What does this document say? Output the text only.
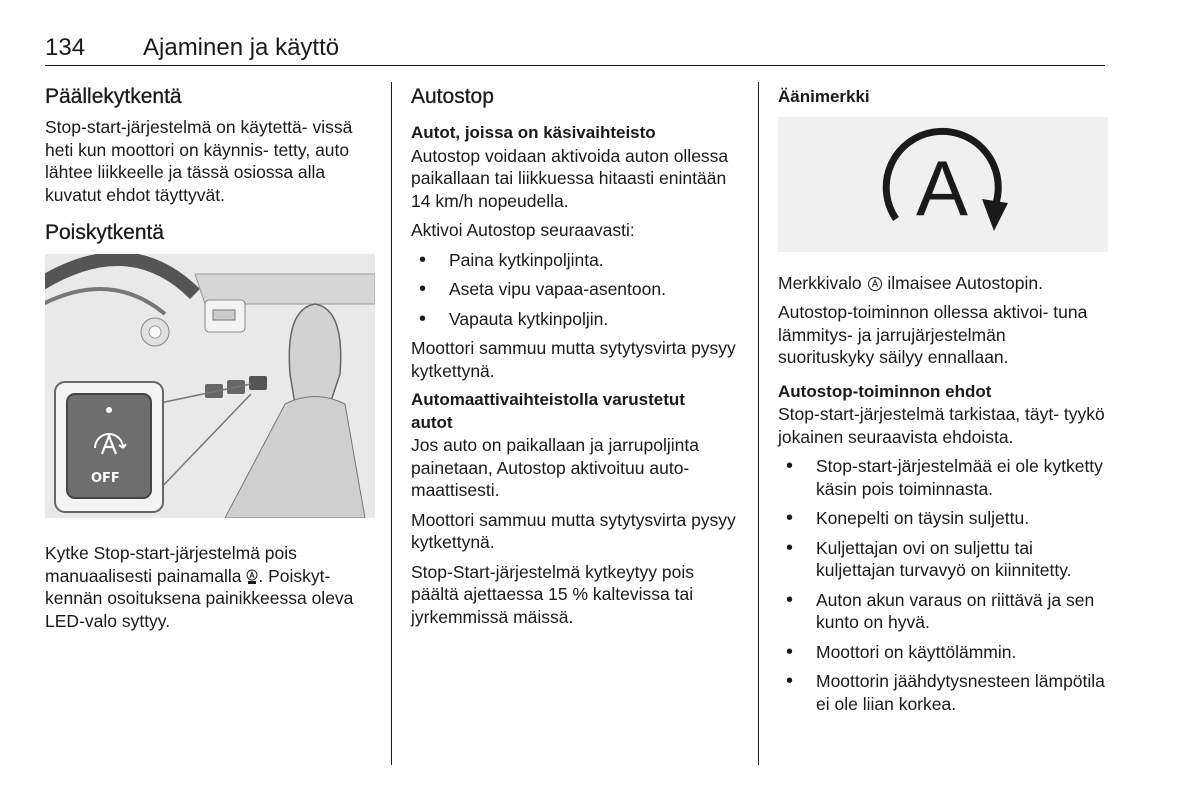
134 Ajaminen ja käyttö
Päällekytkentä

Stop-start-järjestelmä on käytettä- vissä heti kun moottori on käynnis- tetty, auto lähtee liikkeelle ja tässä osiossa alla kuvatut ehdot täyttyvät.

Poiskytkentä
OFF

Kytke Stop-start-järjestelmä pois manuaalisesti painamalla . Poiskyt- kennän osoituksena painikkeessa oleva LED-valo syttyy.

Autostop
Autot, joissa on käsivaihteisto

Autostop voidaan aktivoida auton ollessa paikallaan tai liikkuessa hitaasti enintään 14 km/h nopeudella.

Aktivoi Autostop seuraavasti:

• Paina kytkinpoljinta.
• Aseta vipu vapaa-asentoon.
• Vapauta kytkinpoljin.

Moottori sammuu mutta sytytysvirta pysyy kytkettynä.

Automaattivaihteistolla varustetut autot

Jos auto on paikallaan ja jarrupoljinta painetaan, Autostop aktivoituu auto- maattisesti.

Moottori sammuu mutta sytytysvirta pysyy kytkettynä.

Stop-Start-järjestelmä kytkeytyy pois päältä ajettaessa 15 % kaltevissa tai jyrkemmissä mäissä.

Äänimerkki
A

Merkkivalo  ilmaisee Autostopin.

Autostop-toiminnon ollessa aktivoi- tuna lämmitys- ja jarrujärjestelmän suorituskyky säilyy ennallaan.

Autostop-toiminnon ehdot

Stop-start-järjestelmä tarkistaa, täyt- tyykö jokainen seuraavista ehdoista.

• Stop-start-järjestelmää ei ole kytketty käsin pois toiminnasta.
• Konepelti on täysin suljettu.
• Kuljettajan ovi on suljettu tai kuljettajan turvavyö on kiinnitetty.
• Auton akun varaus on riittävä ja sen kunto on hyvä.
• Moottori on käyttölämmin.
• Moottorin jäähdytysnesteen lämpötila ei ole liian korkea.
